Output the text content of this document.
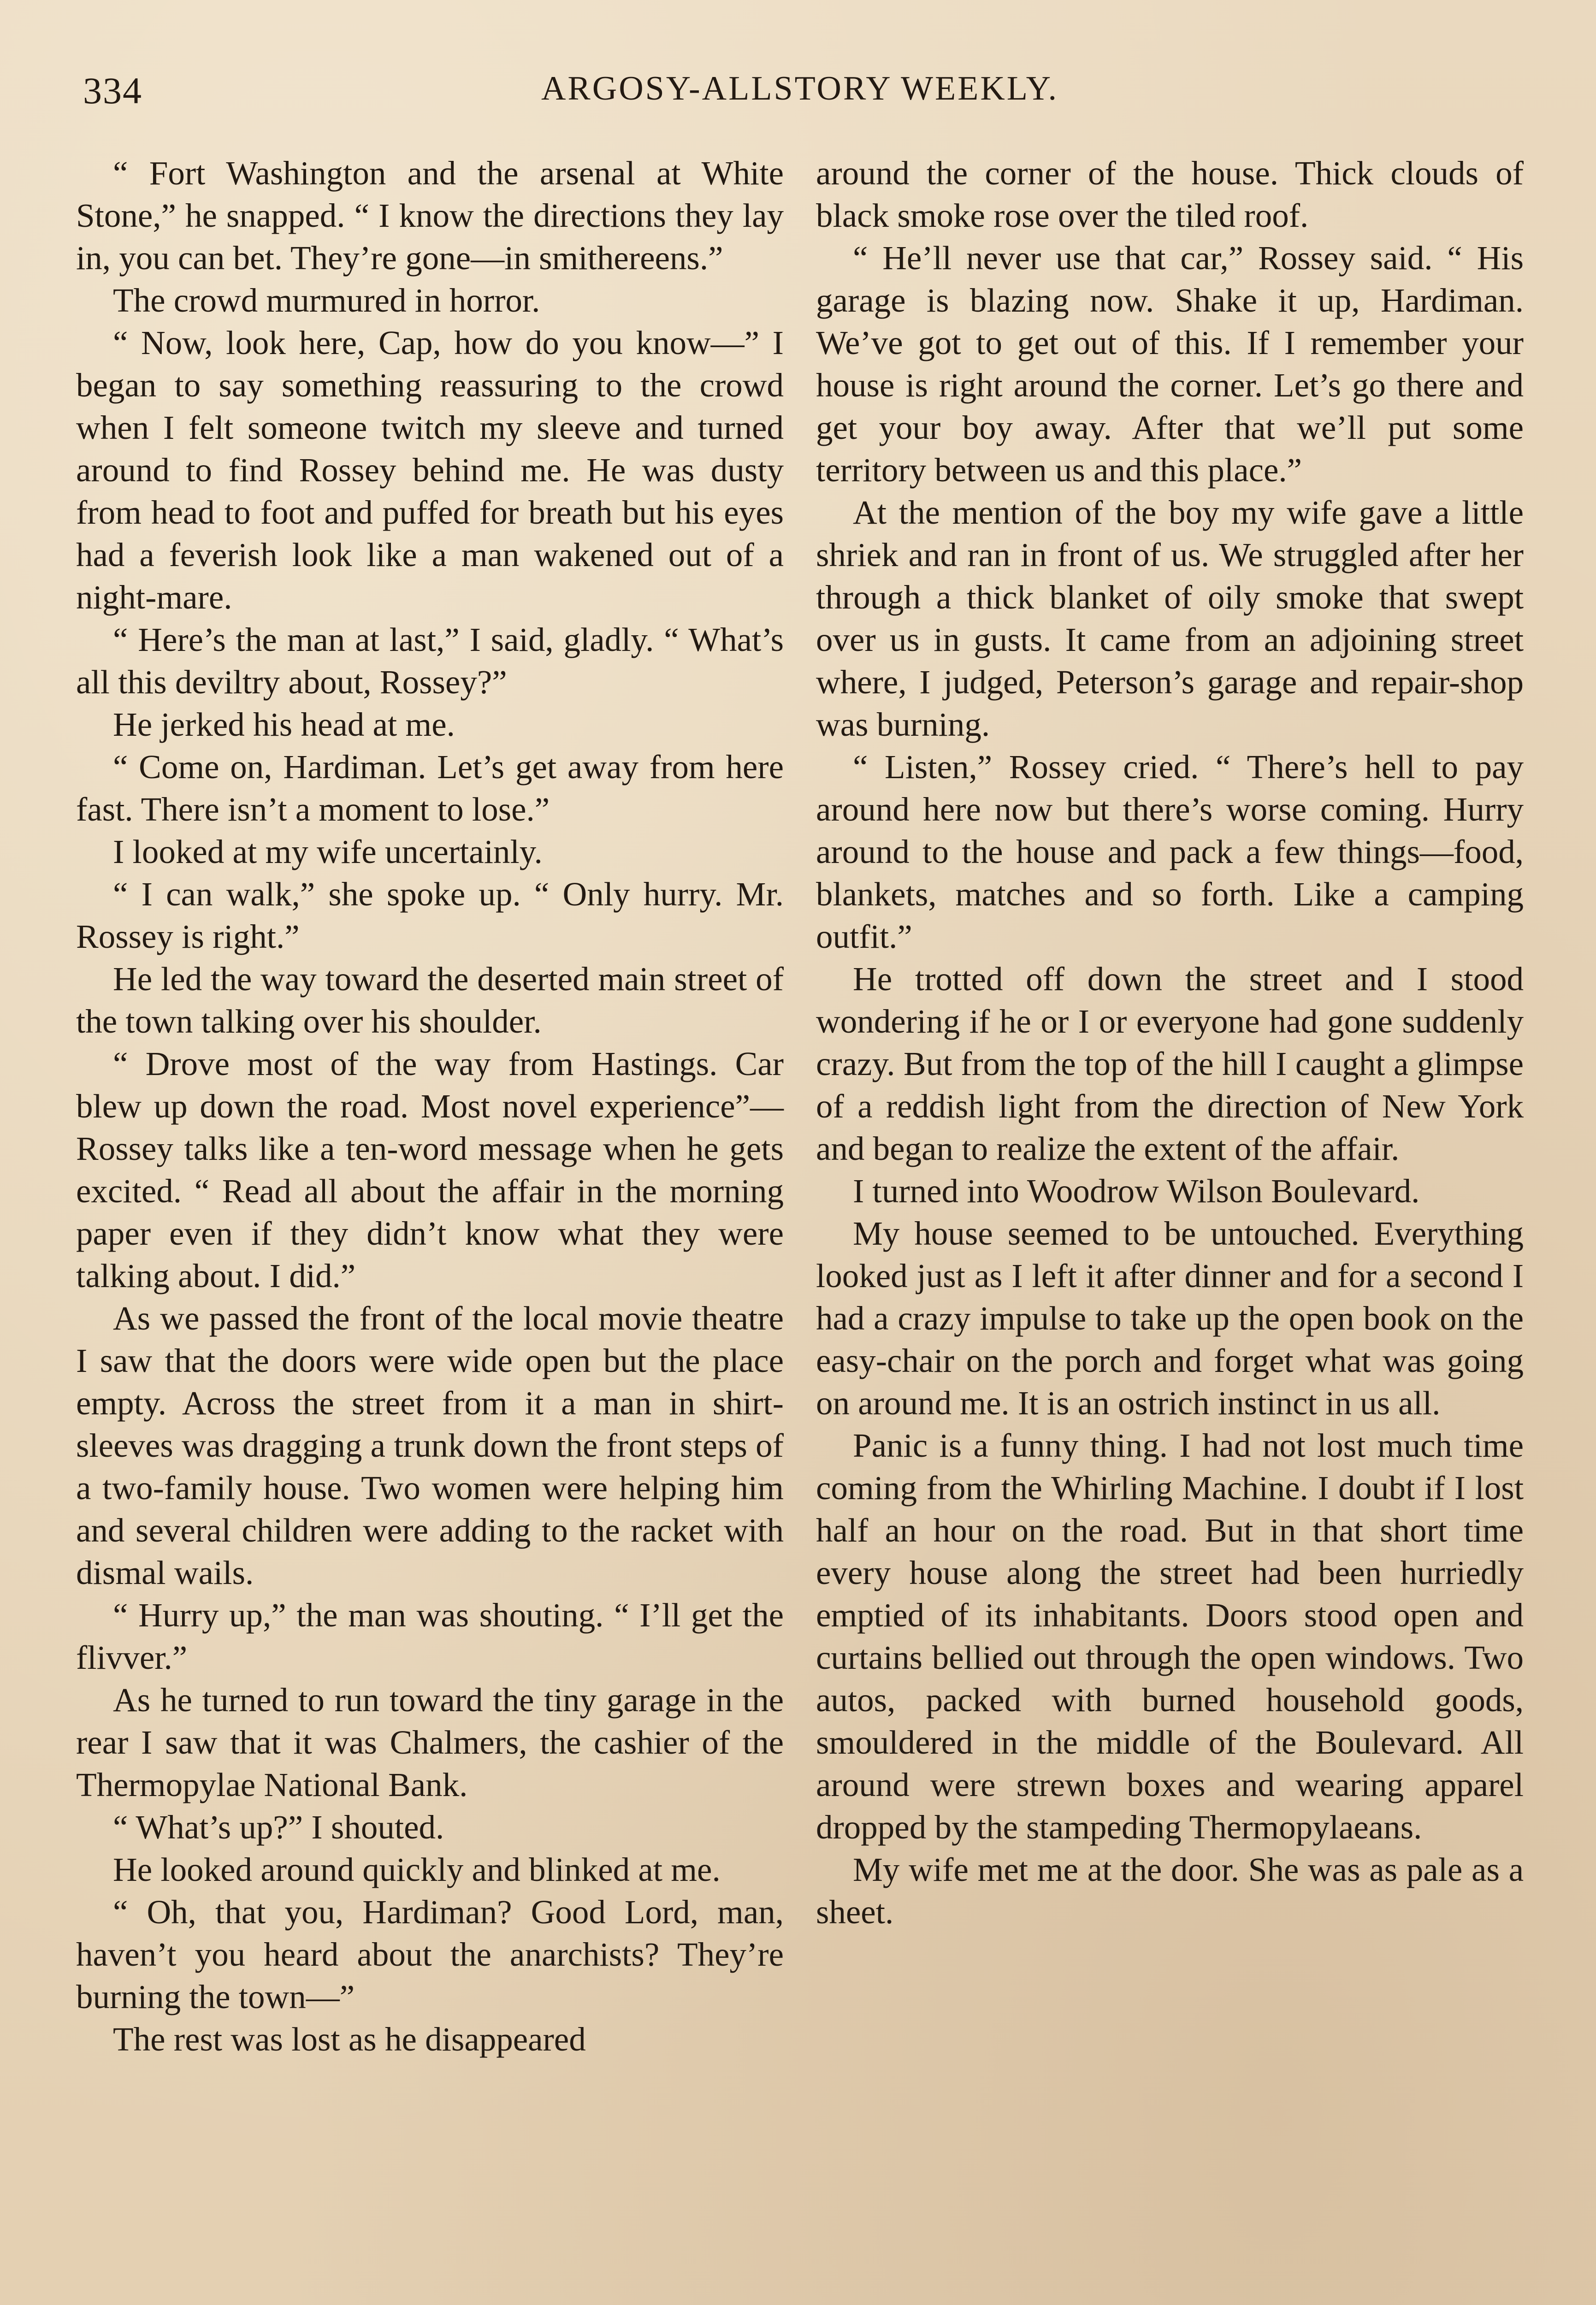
334	ARGOSY-ALLSTORY WEEKLY.

“ Fort Washington and the arsenal at White Stone,” he snapped. “ I know the directions they lay in, you can bet. They’re gone—in smithereens.”

The crowd murmured in horror.

“ Now, look here, Cap, how do you know—” I began to say something reassuring to the crowd when I felt someone twitch my sleeve and turned around to find Rossey behind me. He was dusty from head to foot and puffed for breath but his eyes had a feverish look like a man wakened out of a night-mare.

“ Here’s the man at last,” I said, gladly. “ What’s all this deviltry about, Rossey?”

He jerked his head at me.

“ Come on, Hardiman. Let’s get away from here fast. There isn’t a moment to lose.”

I looked at my wife uncertainly.

“ I can walk,” she spoke up. “ Only hurry. Mr. Rossey is right.”

He led the way toward the deserted main street of the town talking over his shoulder.

“ Drove most of the way from Hastings. Car blew up down the road. Most novel experience”—Rossey talks like a ten-word message when he gets excited. “ Read all about the affair in the morning paper even if they didn’t know what they were talking about. I did.”

As we passed the front of the local movie theatre I saw that the doors were wide open but the place empty. Across the street from it a man in shirt-sleeves was dragging a trunk down the front steps of a two-family house. Two women were helping him and several children were adding to the racket with dismal wails.

“ Hurry up,” the man was shouting. “ I’ll get the flivver.”

As he turned to run toward the tiny garage in the rear I saw that it was Chalmers, the cashier of the Thermopylae National Bank.

“ What’s up?” I shouted.

He looked around quickly and blinked at me.

“ Oh, that you, Hardiman? Good Lord, man, haven’t you heard about the anarchists? They’re burning the town—”

The rest was lost as he disappeared

around the corner of the house. Thick clouds of black smoke rose over the tiled roof.

“ He’ll never use that car,” Rossey said. “ His garage is blazing now. Shake it up, Hardiman. We’ve got to get out of this. If I remember your house is right around the corner. Let’s go there and get your boy away. After that we’ll put some territory between us and this place.”

At the mention of the boy my wife gave a little shriek and ran in front of us. We struggled after her through a thick blanket of oily smoke that swept over us in gusts. It came from an adjoining street where, I judged, Peterson’s garage and repair-shop was burning.

“ Listen,” Rossey cried. “ There’s hell to pay around here now but there’s worse coming. Hurry around to the house and pack a few things—food, blankets, matches and so forth. Like a camping outfit.”

He trotted off down the street and I stood wondering if he or I or everyone had gone suddenly crazy. But from the top of the hill I caught a glimpse of a reddish light from the direction of New York and began to realize the extent of the affair.

I turned into Woodrow Wilson Boulevard.

My house seemed to be untouched. Everything looked just as I left it after dinner and for a second I had a crazy impulse to take up the open book on the easy-chair on the porch and forget what was going on around me. It is an ostrich instinct in us all.

Panic is a funny thing. I had not lost much time coming from the Whirling Machine. I doubt if I lost half an hour on the road. But in that short time every house along the street had been hurriedly emptied of its inhabitants. Doors stood open and curtains bellied out through the open windows. Two autos, packed with burned household goods, smouldered in the middle of the Boulevard. All around were strewn boxes and wearing apparel dropped by the stampeding Thermopylaeans.

My wife met me at the door. She was as pale as a sheet.
